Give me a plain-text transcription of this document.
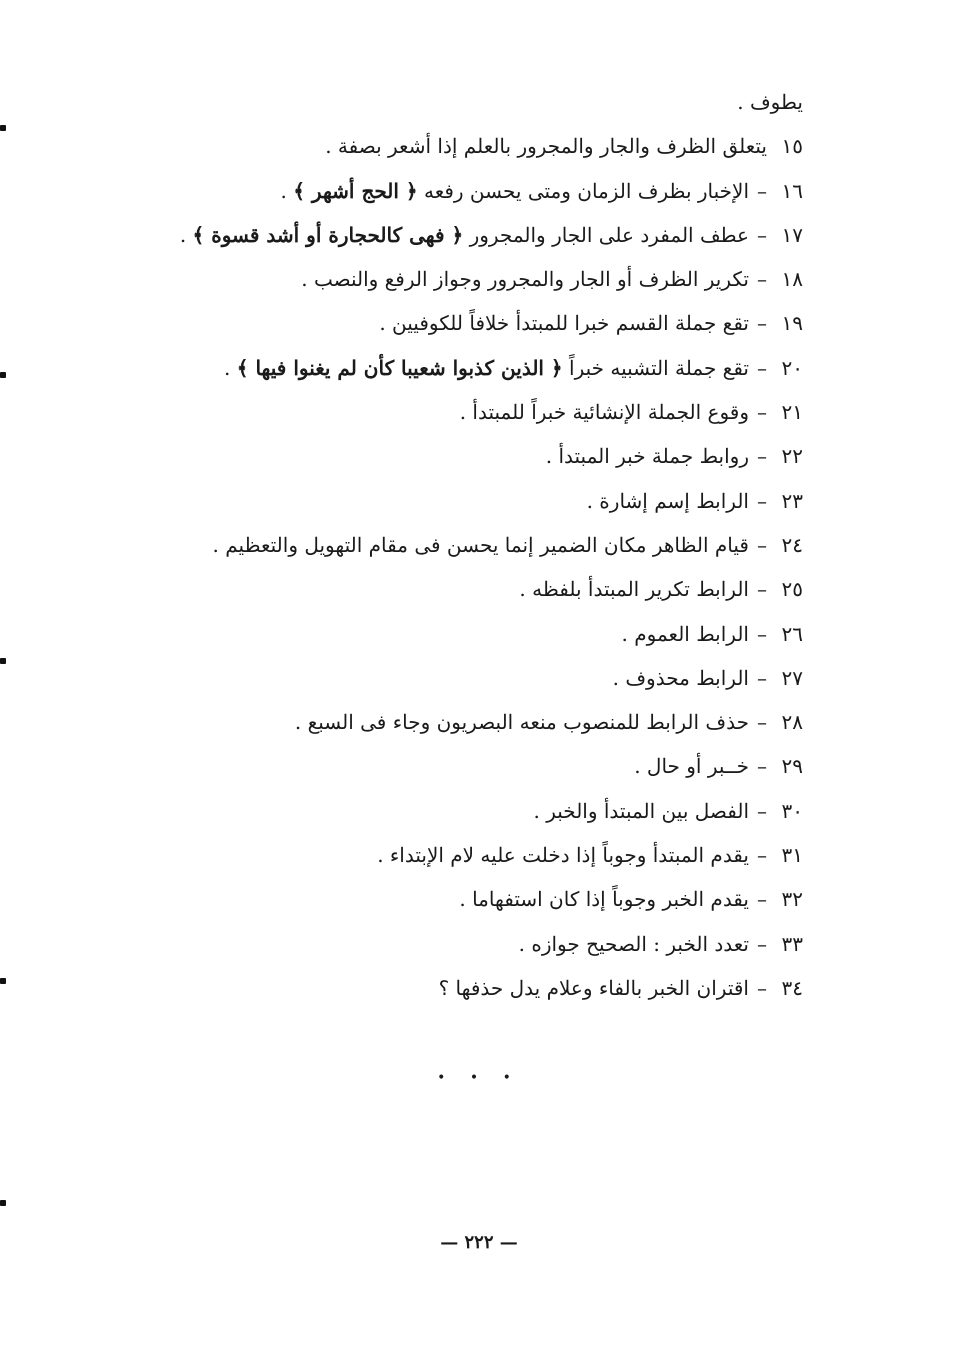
يطوف .
١٥يتعلق الظرف والجار والمجرور بالعلم إذا أشعر بصفة .
١٦–الإخبار بظرف الزمان ومتى يحسن رفعه ﴿ الحج أشهر ﴾ .
١٧–عطف المفرد على الجار والمجرور ﴿ فهى كالحجارة أو أشد قسوة ﴾ .
١٨–تكرير الظرف أو الجار والمجرور وجواز الرفع والنصب .
١٩–تقع جملة القسم خبرا للمبتدأ خلافاً للكوفيين .
٢٠–تقع جملة التشبيه خبراً ﴿ الذين كذبوا شعيبا كأن لم يغنوا فيها ﴾ .
٢١–وقوع الجملة الإنشائية خبراً للمبتدأ .
٢٢–روابط جملة خبر المبتدأ .
٢٣–الرابط إسم إشارة .
٢٤–قيام الظاهر مكان الضمير إنما يحسن فى مقام التهويل والتعظيم .
٢٥–الرابط تكرير المبتدأ بلفظه .
٢٦–الرابط العموم .
٢٧–الرابط محذوف .
٢٨–حذف الرابط للمنصوب منعه البصريون وجاء فى السبع .
٢٩–خــبر أو حال .
٣٠–الفصل بين المبتدأ والخبر .
٣١–يقدم المبتدأ وجوباً إذا دخلت عليه لام الإبتداء .
٣٢–يقدم الخبر وجوباً إذا كان استفهاما .
٣٣–تعدد الخبر : الصحيح جوازه .
٣٤–اقتران الخبر بالفاء وعلام يدل حذفها ؟
• • •
— ٢٢٢ —
